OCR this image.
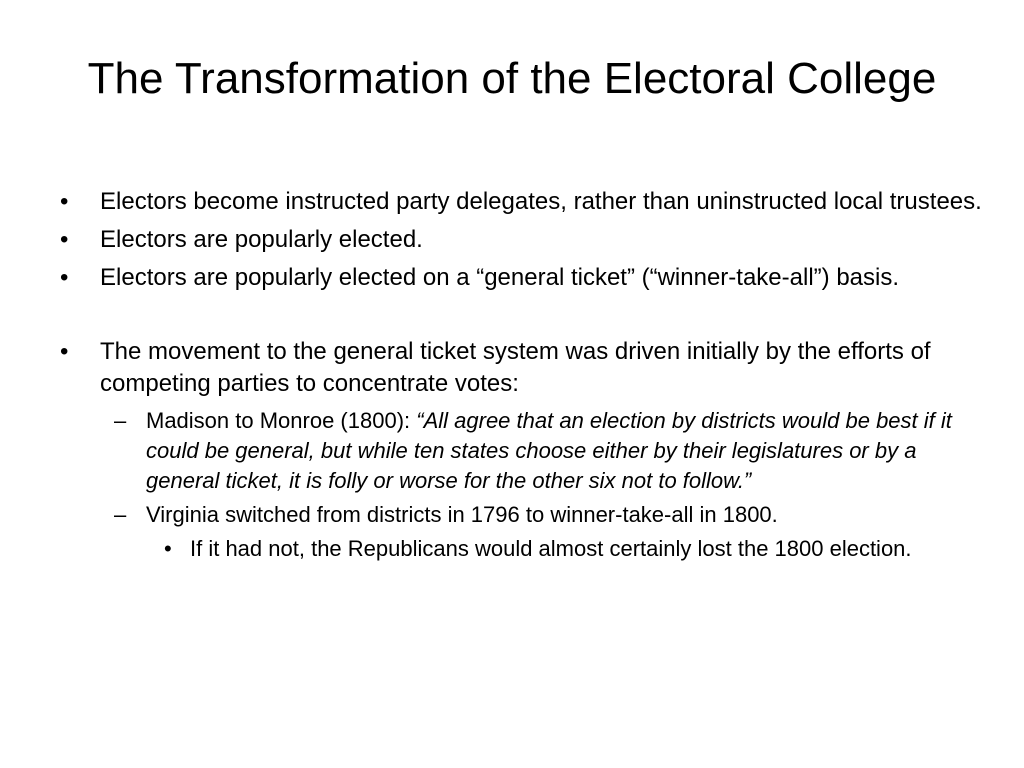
The Transformation of the Electoral College
• Electors become instructed party delegates, rather than uninstructed local trustees.
• Electors are popularly elected.
• Electors are popularly elected on a “general ticket” (“winner-take-all”) basis.
• The movement to the general ticket system was driven initially by the efforts of competing parties to concentrate votes:
– Madison to Monroe (1800): “All agree that an election by districts would be best if it could be general, but while ten states choose either by their legislatures or by a general ticket, it is folly or worse for the other six not to follow.”
– Virginia switched from districts in 1796 to winner-take-all in 1800.
• If it had not, the Republicans would almost certainly lost the 1800 election.
